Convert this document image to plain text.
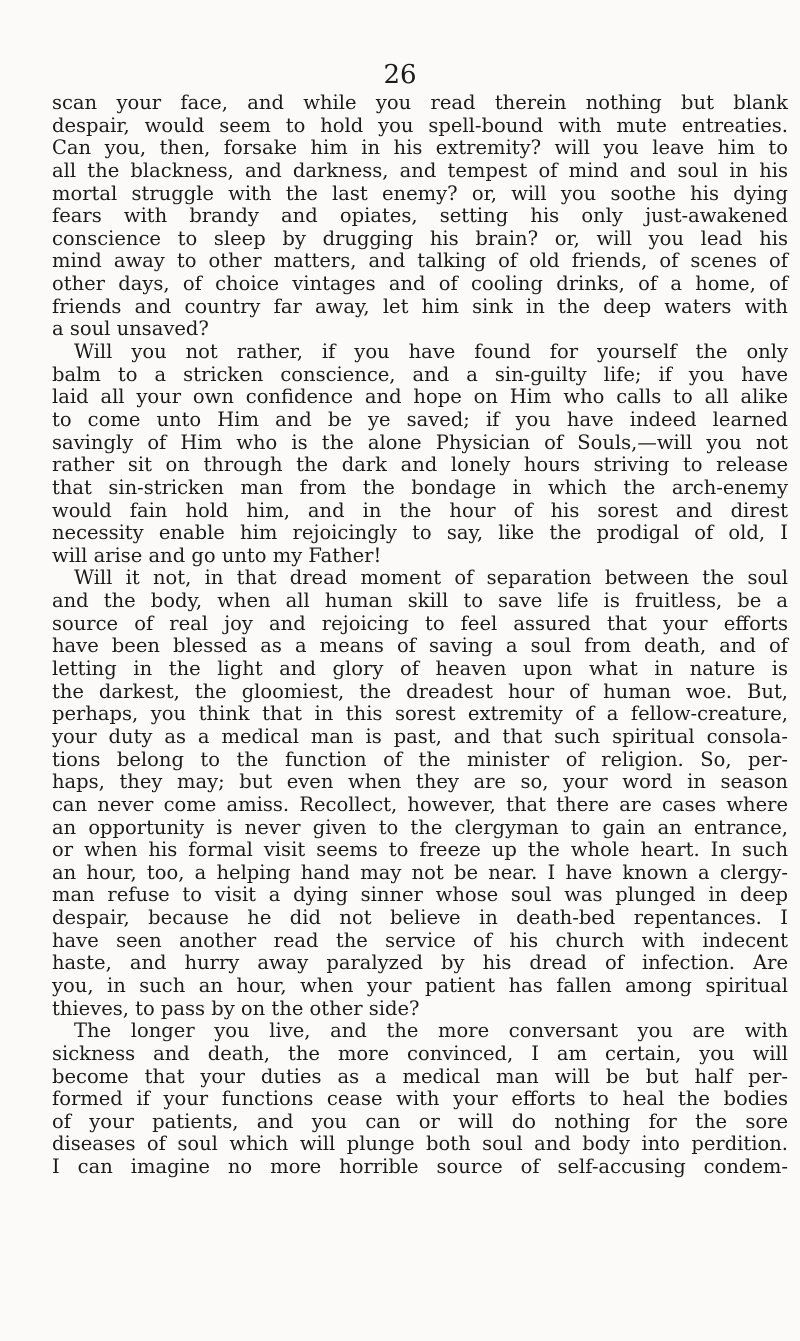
26
scan your face, and while you read therein nothing but blank
despair, would seem to hold you spell-bound with mute entreaties.
Can you, then, forsake him in his extremity? will you leave him to
all the blackness, and darkness, and tempest of mind and soul in his
mortal struggle with the last enemy? or, will you soothe his dying
fears with brandy and opiates, setting his only just-awakened
conscience to sleep by drugging his brain? or, will you lead his
mind away to other matters, and talking of old friends, of scenes of
other days, of choice vintages and of cooling drinks, of a home, of
friends and country far away, let him sink in the deep waters with
a soul unsaved?
Will you not rather, if you have found for yourself the only
balm to a stricken conscience, and a sin-guilty life; if you have
laid all your own confidence and hope on Him who calls to all alike
to come unto Him and be ye saved; if you have indeed learned
savingly of Him who is the alone Physician of Souls,—will you not
rather sit on through the dark and lonely hours striving to release
that sin-stricken man from the bondage in which the arch-enemy
would fain hold him, and in the hour of his sorest and direst
necessity enable him rejoicingly to say, like the prodigal of old, I
will arise and go unto my Father!
Will it not, in that dread moment of separation between the soul
and the body, when all human skill to save life is fruitless, be a
source of real joy and rejoicing to feel assured that your efforts
have been blessed as a means of saving a soul from death, and of
letting in the light and glory of heaven upon what in nature is
the darkest, the gloomiest, the dreadest hour of human woe. But,
perhaps, you think that in this sorest extremity of a fellow-creature,
your duty as a medical man is past, and that such spiritual consola-
tions belong to the function of the minister of religion. So, per-
haps, they may; but even when they are so, your word in season
can never come amiss. Recollect, however, that there are cases where
an opportunity is never given to the clergyman to gain an entrance,
or when his formal visit seems to freeze up the whole heart. In such
an hour, too, a helping hand may not be near. I have known a clergy-
man refuse to visit a dying sinner whose soul was plunged in deep
despair, because he did not believe in death-bed repentances. I
have seen another read the service of his church with indecent
haste, and hurry away paralyzed by his dread of infection. Are
you, in such an hour, when your patient has fallen among spiritual
thieves, to pass by on the other side?
The longer you live, and the more conversant you are with
sickness and death, the more convinced, I am certain, you will
become that your duties as a medical man will be but half per-
formed if your functions cease with your efforts to heal the bodies
of your patients, and you can or will do nothing for the sore
diseases of soul which will plunge both soul and body into perdition.
I can imagine no more horrible source of self-accusing condem-
